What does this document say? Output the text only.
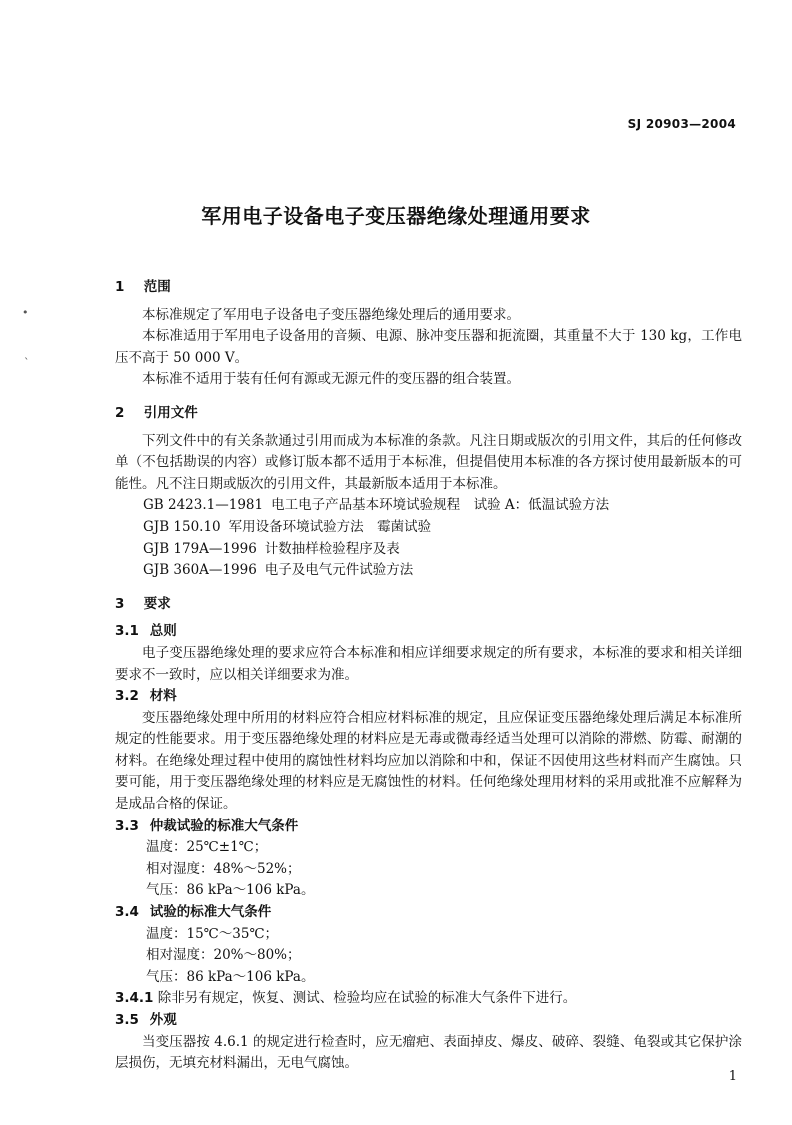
SJ 20903—2004
军用电子设备电子变压器绝缘处理通用要求
•
`
1 范围

本标准规定了军用电子设备电子变压器绝缘处理后的通用要求。

本标准适用于军用电子设备用的音频、电源、脉冲变压器和扼流圈，其重量不大于 130 kg，工作电压不高于 50 000 V。

本标准不适用于装有任何有源或无源元件的变压器的组合装置。

2 引用文件

下列文件中的有关条款通过引用而成为本标准的条款。凡注日期或版次的引用文件，其后的任何修改单（不包括勘误的内容）或修订版本都不适用于本标准，但提倡使用本标准的各方探讨使用最新版本的可能性。凡不注日期或版次的引用文件，其最新版本适用于本标准。

GB 2423.1—1981 电工电子产品基本环境试验规程　试验 A：低温试验方法
GJB 150.10 军用设备环境试验方法　霉菌试验
GJB 179A—1996 计数抽样检验程序及表
GJB 360A—1996 电子及电气元件试验方法
3 要求
3.1 总则

电子变压器绝缘处理的要求应符合本标准和相应详细要求规定的所有要求，本标准的要求和相关详细要求不一致时，应以相关详细要求为准。

3.2 材料

变压器绝缘处理中所用的材料应符合相应材料标准的规定，且应保证变压器绝缘处理后满足本标准所规定的性能要求。用于变压器绝缘处理的材料应是无毒或微毒经适当处理可以消除的滞燃、防霉、耐潮的材料。在绝缘处理过程中使用的腐蚀性材料均应加以消除和中和，保证不因使用这些材料而产生腐蚀。只要可能，用于变压器绝缘处理的材料应是无腐蚀性的材料。任何绝缘处理用材料的采用或批准不应解释为是成品合格的保证。

3.3 仲裁试验的标准大气条件
温度：25℃±1℃；
相对湿度：48%～52%；
气压：86 kPa～106 kPa。
3.4 试验的标准大气条件
温度：15℃～35℃；
相对湿度：20%～80%；
气压：86 kPa～106 kPa。
3.4.1 除非另有规定，恢复、测试、检验均应在试验的标准大气条件下进行。
3.5 外观

当变压器按 4.6.1 的规定进行检查时，应无瘤疤、表面掉皮、爆皮、破碎、裂缝、龟裂或其它保护涂层损伤，无填充材料漏出，无电气腐蚀。

1
